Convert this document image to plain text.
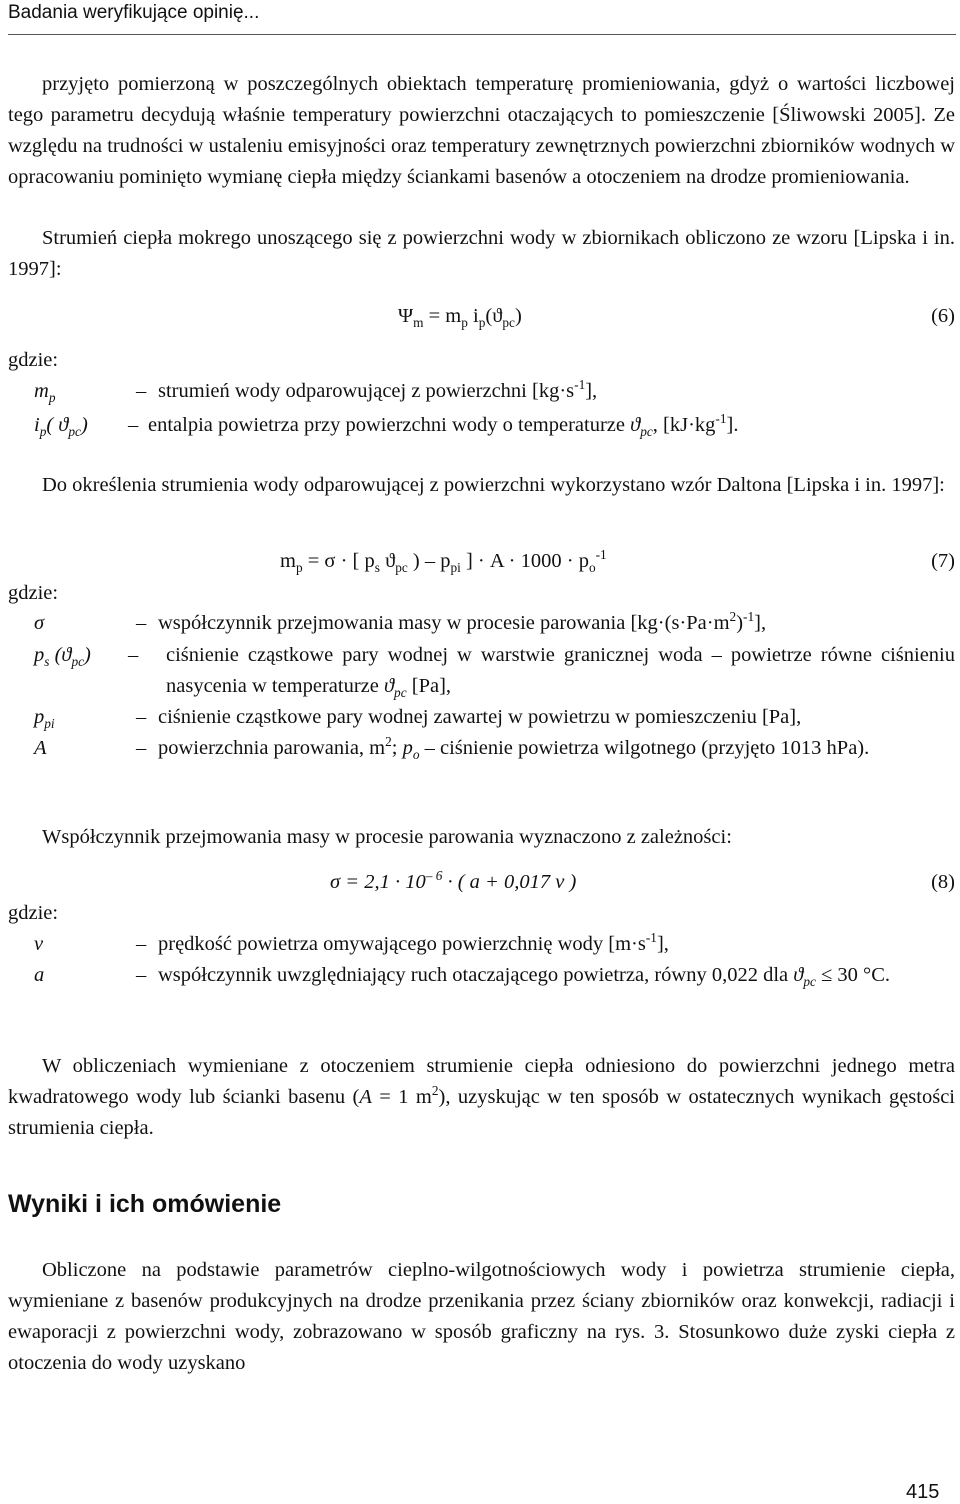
Badania weryfikujące opinię...

przyjęto pomierzoną w poszczególnych obiektach temperaturę promieniowania, gdyż o wartości liczbowej tego parametru decydują właśnie temperatury powierzchni otaczających to pomieszczenie [Śliwowski 2005]. Ze względu na trudności w ustaleniu emisyjności oraz temperatury zewnętrznych powierzchni zbiorników wodnych w opracowaniu pominięto wymianę ciepła między ściankami basenów a otoczeniem na drodze promieniowania.

Strumień ciepła mokrego unoszącego się z powierzchni wody w zbiornikach obliczono ze wzoru [Lipska i in. 1997]:

$\Psi_m = m_p$ $i_p(ϑ_{pc})$	(6)
gdzie:
$m_p$	– strumień wody odparowującej z powierzchni $[kg\cdot s^{-1}]$,
$i_p$( $ϑ_{pc}$) – entalpia powietrza przy powierzchni wody o temperaturze $ϑ_{pc}$, $[kJ\cdot kg^{-1}]$.

Do określenia strumienia wody odparowującej z powierzchni wykorzystano wzór Daltona [Lipska i in. 1997]:

$m_p = \sigma$ · [ $p_s$ $ϑ_{pc}$ ) – $p_{pi}$ ] · $A \cdot 1000 \cdot p_o^{-1}$	(7)
gdzie:
σ	– współczynnik przejmowania masy w procesie parowania $[kg\cdot(s\cdot Pa\cdot m^2)^{-1}]$,
$p_s$ $(ϑ_{pc})$ – ciśnienie cząstkowe pary wodnej w warstwie granicznej woda – powietrze równe ciśnieniu nasycenia w temperaturze $ϑ_{pc}$ [Pa],
$p_{pi}$	– ciśnienie cząstkowe pary wodnej zawartej w powietrzu w pomieszczeniu [Pa],
A	– powierzchnia parowania, $m^2$; $p_o$ – ciśnienie powietrza wilgotnego (przyjęto 1013 hPa).

Współczynnik przejmowania masy w procesie parowania wyznaczono z zależności:

$\sigma = 2,1 \cdot 10^{- 6}$ · ( a + 0,017 v )	(8)
gdzie:
v	– prędkość powietrza omywającego powierzchnię wody $[m\cdot s^{-1}]$,
a	– współczynnik uwzględniający ruch otaczającego powietrza, równy 0,022 dla $ϑ_{pc} \le 30$ °C.

W obliczeniach wymieniane z otoczeniem strumienie ciepła odniesiono do powierzchni jednego metra kwadratowego wody lub ścianki basenu (A = 1 $m^2$), uzyskując w ten sposób w ostatecznych wynikach gęstości strumienia ciepła.

Wyniki i ich omówienie

Obliczone na podstawie parametrów cieplno-wilgotnościowych wody i powietrza strumienie ciepła, wymieniane z basenów produkcyjnych na drodze przenikania przez ściany zbiorników oraz konwekcji, radiacji i ewaporacji z powierzchni wody, zobrazowano w sposób graficzny na rys. 3. Stosunkowo duże zyski ciepła z otoczenia do wody uzyskano

415
